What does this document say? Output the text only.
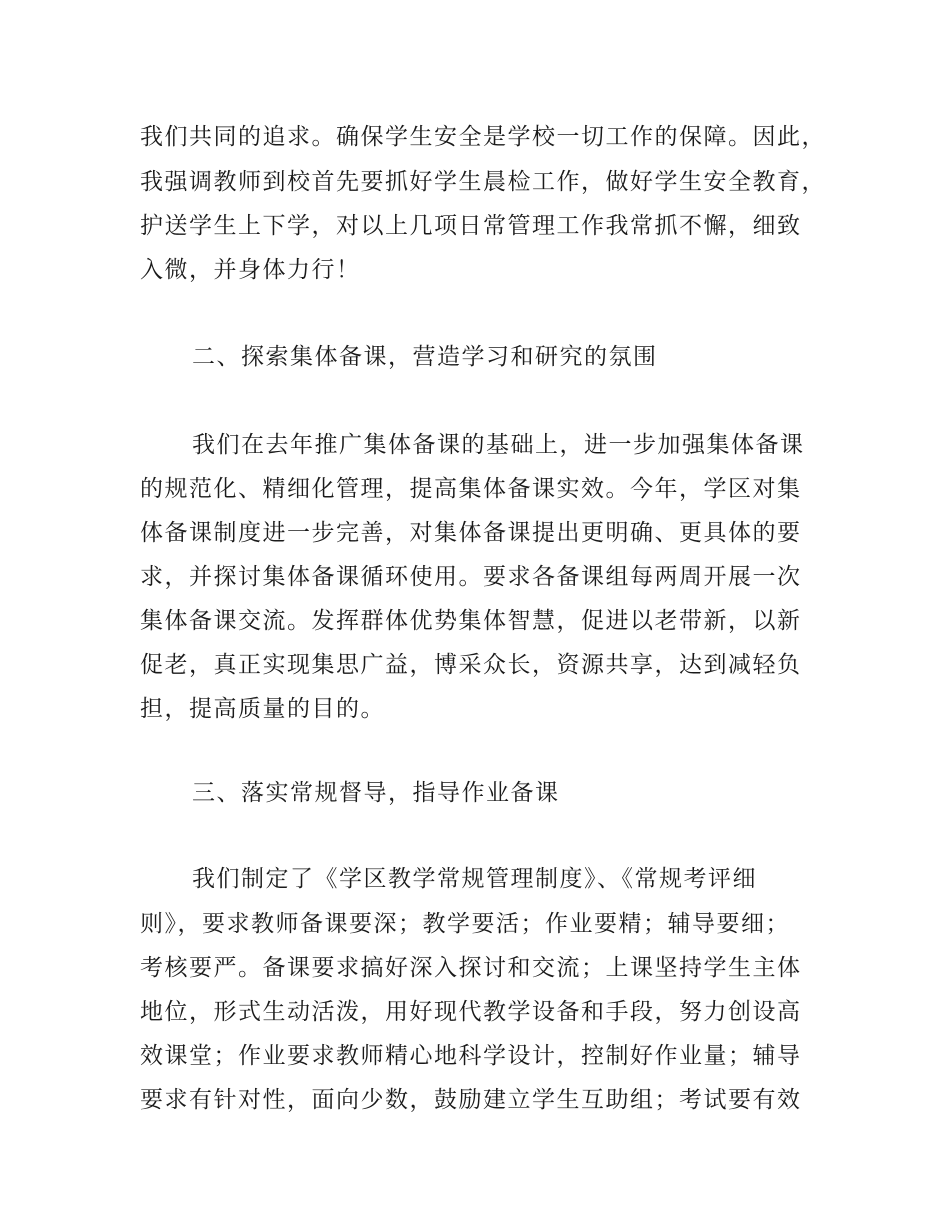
我们共同的追求。确保学生安全是学校一切工作的保障。因此，
我强调教师到校首先要抓好学生晨检工作，做好学生安全教育，
护送学生上下学，对以上几项日常管理工作我常抓不懈，细致
入微，并身体力行！
二、探索集体备课，营造学习和研究的氛围
我们在去年推广集体备课的基础上，进一步加强集体备课
的规范化、精细化管理，提高集体备课实效。今年，学区对集
体备课制度进一步完善，对集体备课提出更明确、更具体的要
求，并探讨集体备课循环使用。要求各备课组每两周开展一次
集体备课交流。发挥群体优势集体智慧，促进以老带新，以新
促老，真正实现集思广益，博采众长，资源共享，达到减轻负
担，提高质量的目的。
三、落实常规督导，指导作业备课
我们制定了《学区教学常规管理制度》、《常规考评细
则》，要求教师备课要深；教学要活；作业要精；辅导要细；
考核要严。备课要求搞好深入探讨和交流；上课坚持学生主体
地位，形式生动活泼，用好现代教学设备和手段，努力创设高
效课堂；作业要求教师精心地科学设计，控制好作业量；辅导
要求有针对性，面向少数，鼓励建立学生互助组；考试要有效
